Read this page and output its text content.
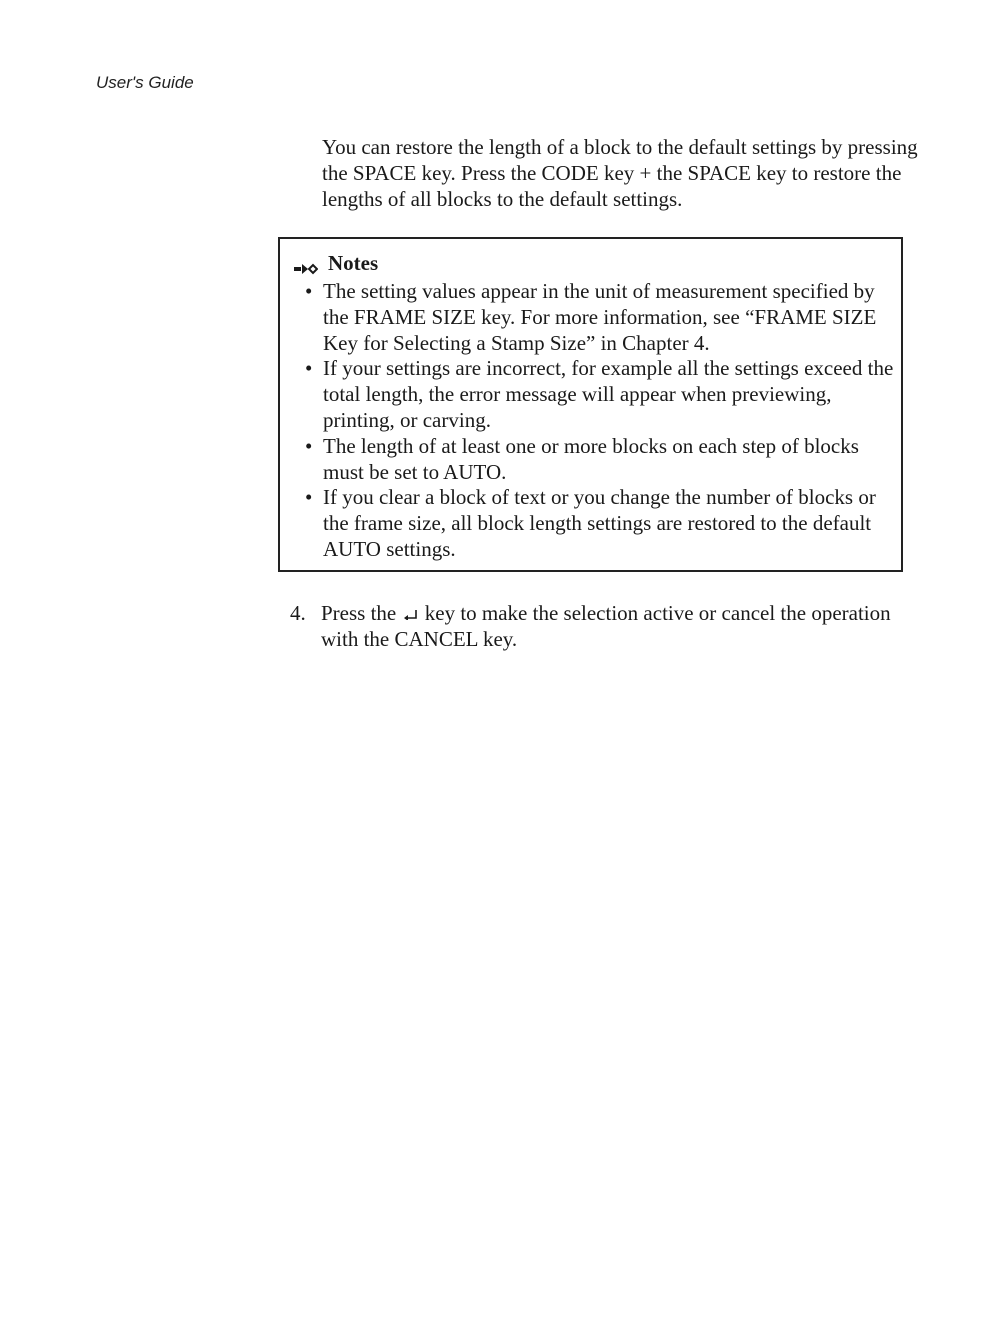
User's Guide

You can restore the length of a block to the default settings by pressing the SPACE key. Press the CODE key + the SPACE key to restore the lengths of all blocks to the default settings.

Notes
• The setting values appear in the unit of measurement specified by the FRAME SIZE key. For more information, see “FRAME SIZE Key for Selecting a Stamp Size” in Chapter 4.
• If your settings are incorrect, for example all the settings exceed the total length, the error message will appear when previewing, printing, or carving.
• The length of at least one or more blocks on each step of blocks must be set to AUTO.
• If you clear a block of text or you change the number of blocks or the frame size, all block length settings are restored to the default AUTO settings.
4. Press the key to make the selection active or cancel the operation with the CANCEL key.
